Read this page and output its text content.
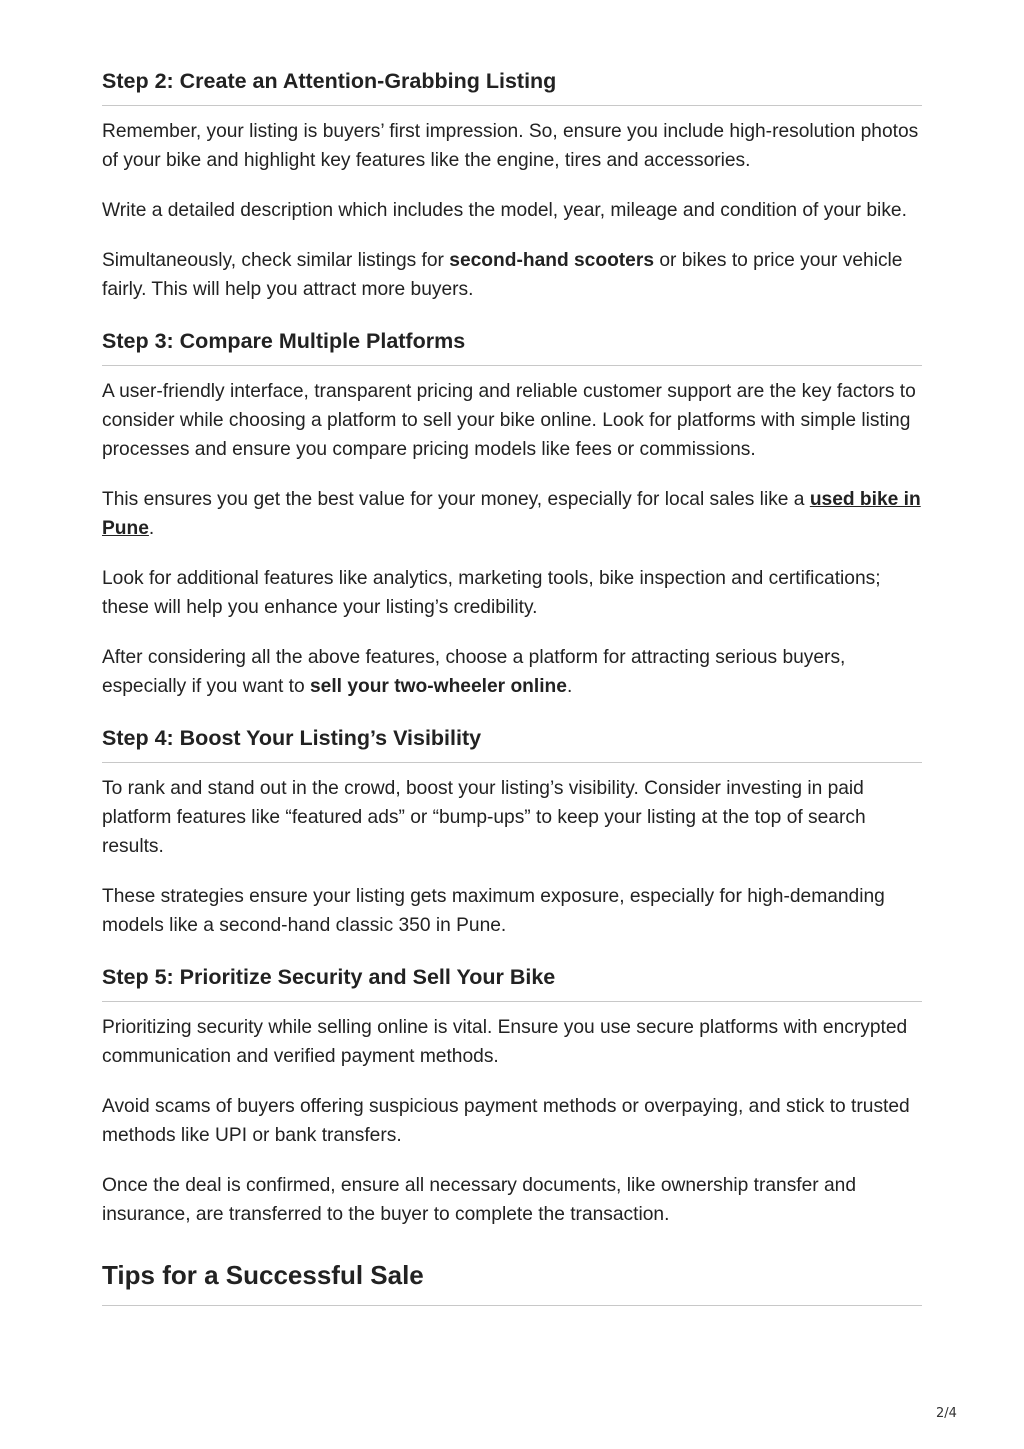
Step 2: Create an Attention-Grabbing Listing

Remember, your listing is buyers’ first impression. So, ensure you include high-resolution photos of your bike and highlight key features like the engine, tires and accessories.

Write a detailed description which includes the model, year, mileage and condition of your bike.

Simultaneously, check similar listings for second-hand scooters or bikes to price your vehicle fairly. This will help you attract more buyers.

Step 3: Compare Multiple Platforms

A user-friendly interface, transparent pricing and reliable customer support are the key factors to consider while choosing a platform to sell your bike online. Look for platforms with simple listing processes and ensure you compare pricing models like fees or commissions.

This ensures you get the best value for your money, especially for local sales like a used bike in Pune.

Look for additional features like analytics, marketing tools, bike inspection and certifications; these will help you enhance your listing’s credibility.

After considering all the above features, choose a platform for attracting serious buyers, especially if you want to sell your two-wheeler online.

Step 4: Boost Your Listing’s Visibility

To rank and stand out in the crowd, boost your listing’s visibility. Consider investing in paid platform features like “featured ads” or “bump-ups” to keep your listing at the top of search results.

These strategies ensure your listing gets maximum exposure, especially for high-demanding models like a second-hand classic 350 in Pune.

Step 5: Prioritize Security and Sell Your Bike

Prioritizing security while selling online is vital. Ensure you use secure platforms with encrypted communication and verified payment methods.

Avoid scams of buyers offering suspicious payment methods or overpaying, and stick to trusted methods like UPI or bank transfers.

Once the deal is confirmed, ensure all necessary documents, like ownership transfer and insurance, are transferred to the buyer to complete the transaction.

Tips for a Successful Sale
2/4
